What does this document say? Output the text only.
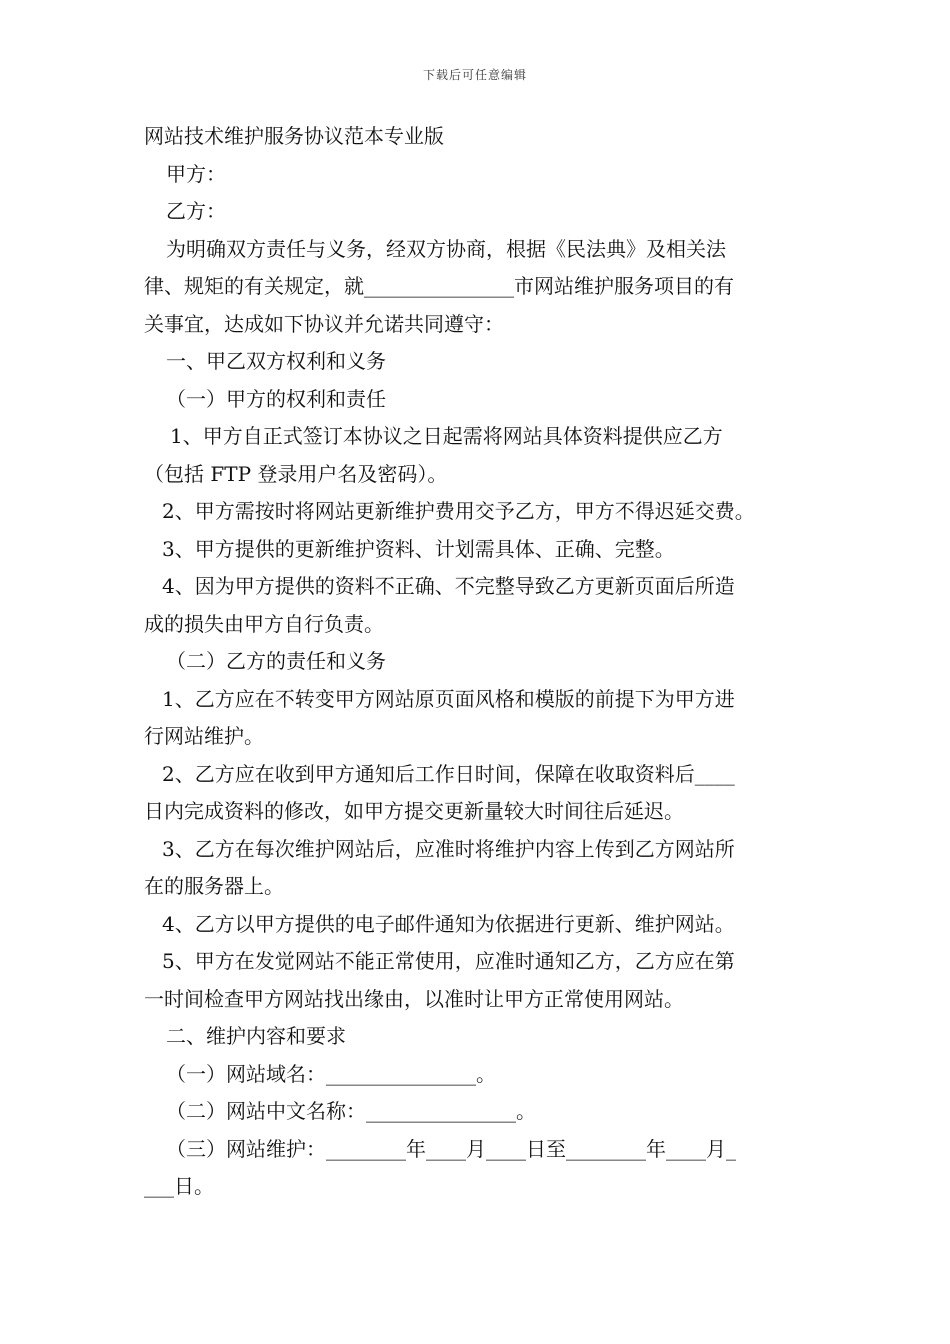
下载后可任意编辑
网站技术维护服务协议范本专业版
甲方：
乙方：
为明确双方责任与义务，经双方协商，根据《民法典》及相关法
律、规矩的有关规定，就_______________市网站维护服务项目的有
关事宜，达成如下协议并允诺共同遵守：
一、甲乙双方权利和义务
（一）甲方的权利和责任
1、甲方自正式签订本协议之日起需将网站具体资料提供应乙方
（包括 FTP 登录用户名及密码）。
2、甲方需按时将网站更新维护费用交予乙方，甲方不得迟延交费。
3、甲方提供的更新维护资料、计划需具体、正确、完整。
4、因为甲方提供的资料不正确、不完整导致乙方更新页面后所造
成的损失由甲方自行负责。
（二）乙方的责任和义务
1、乙方应在不转变甲方网站原页面风格和模版的前提下为甲方进
行网站维护。
2、乙方应在收到甲方通知后工作日时间，保障在收取资料后____
日内完成资料的修改，如甲方提交更新量较大时间往后延迟。
3、乙方在每次维护网站后，应准时将维护内容上传到乙方网站所
在的服务器上。
4、乙方以甲方提供的电子邮件通知为依据进行更新、维护网站。
5、甲方在发觉网站不能正常使用，应准时通知乙方，乙方应在第
一时间检查甲方网站找出缘由，以准时让甲方正常使用网站。
二、维护内容和要求
（一）网站域名：_______________。
（二）网站中文名称：_______________。
（三）网站维护：________年____月____日至________年____月_
___日。
